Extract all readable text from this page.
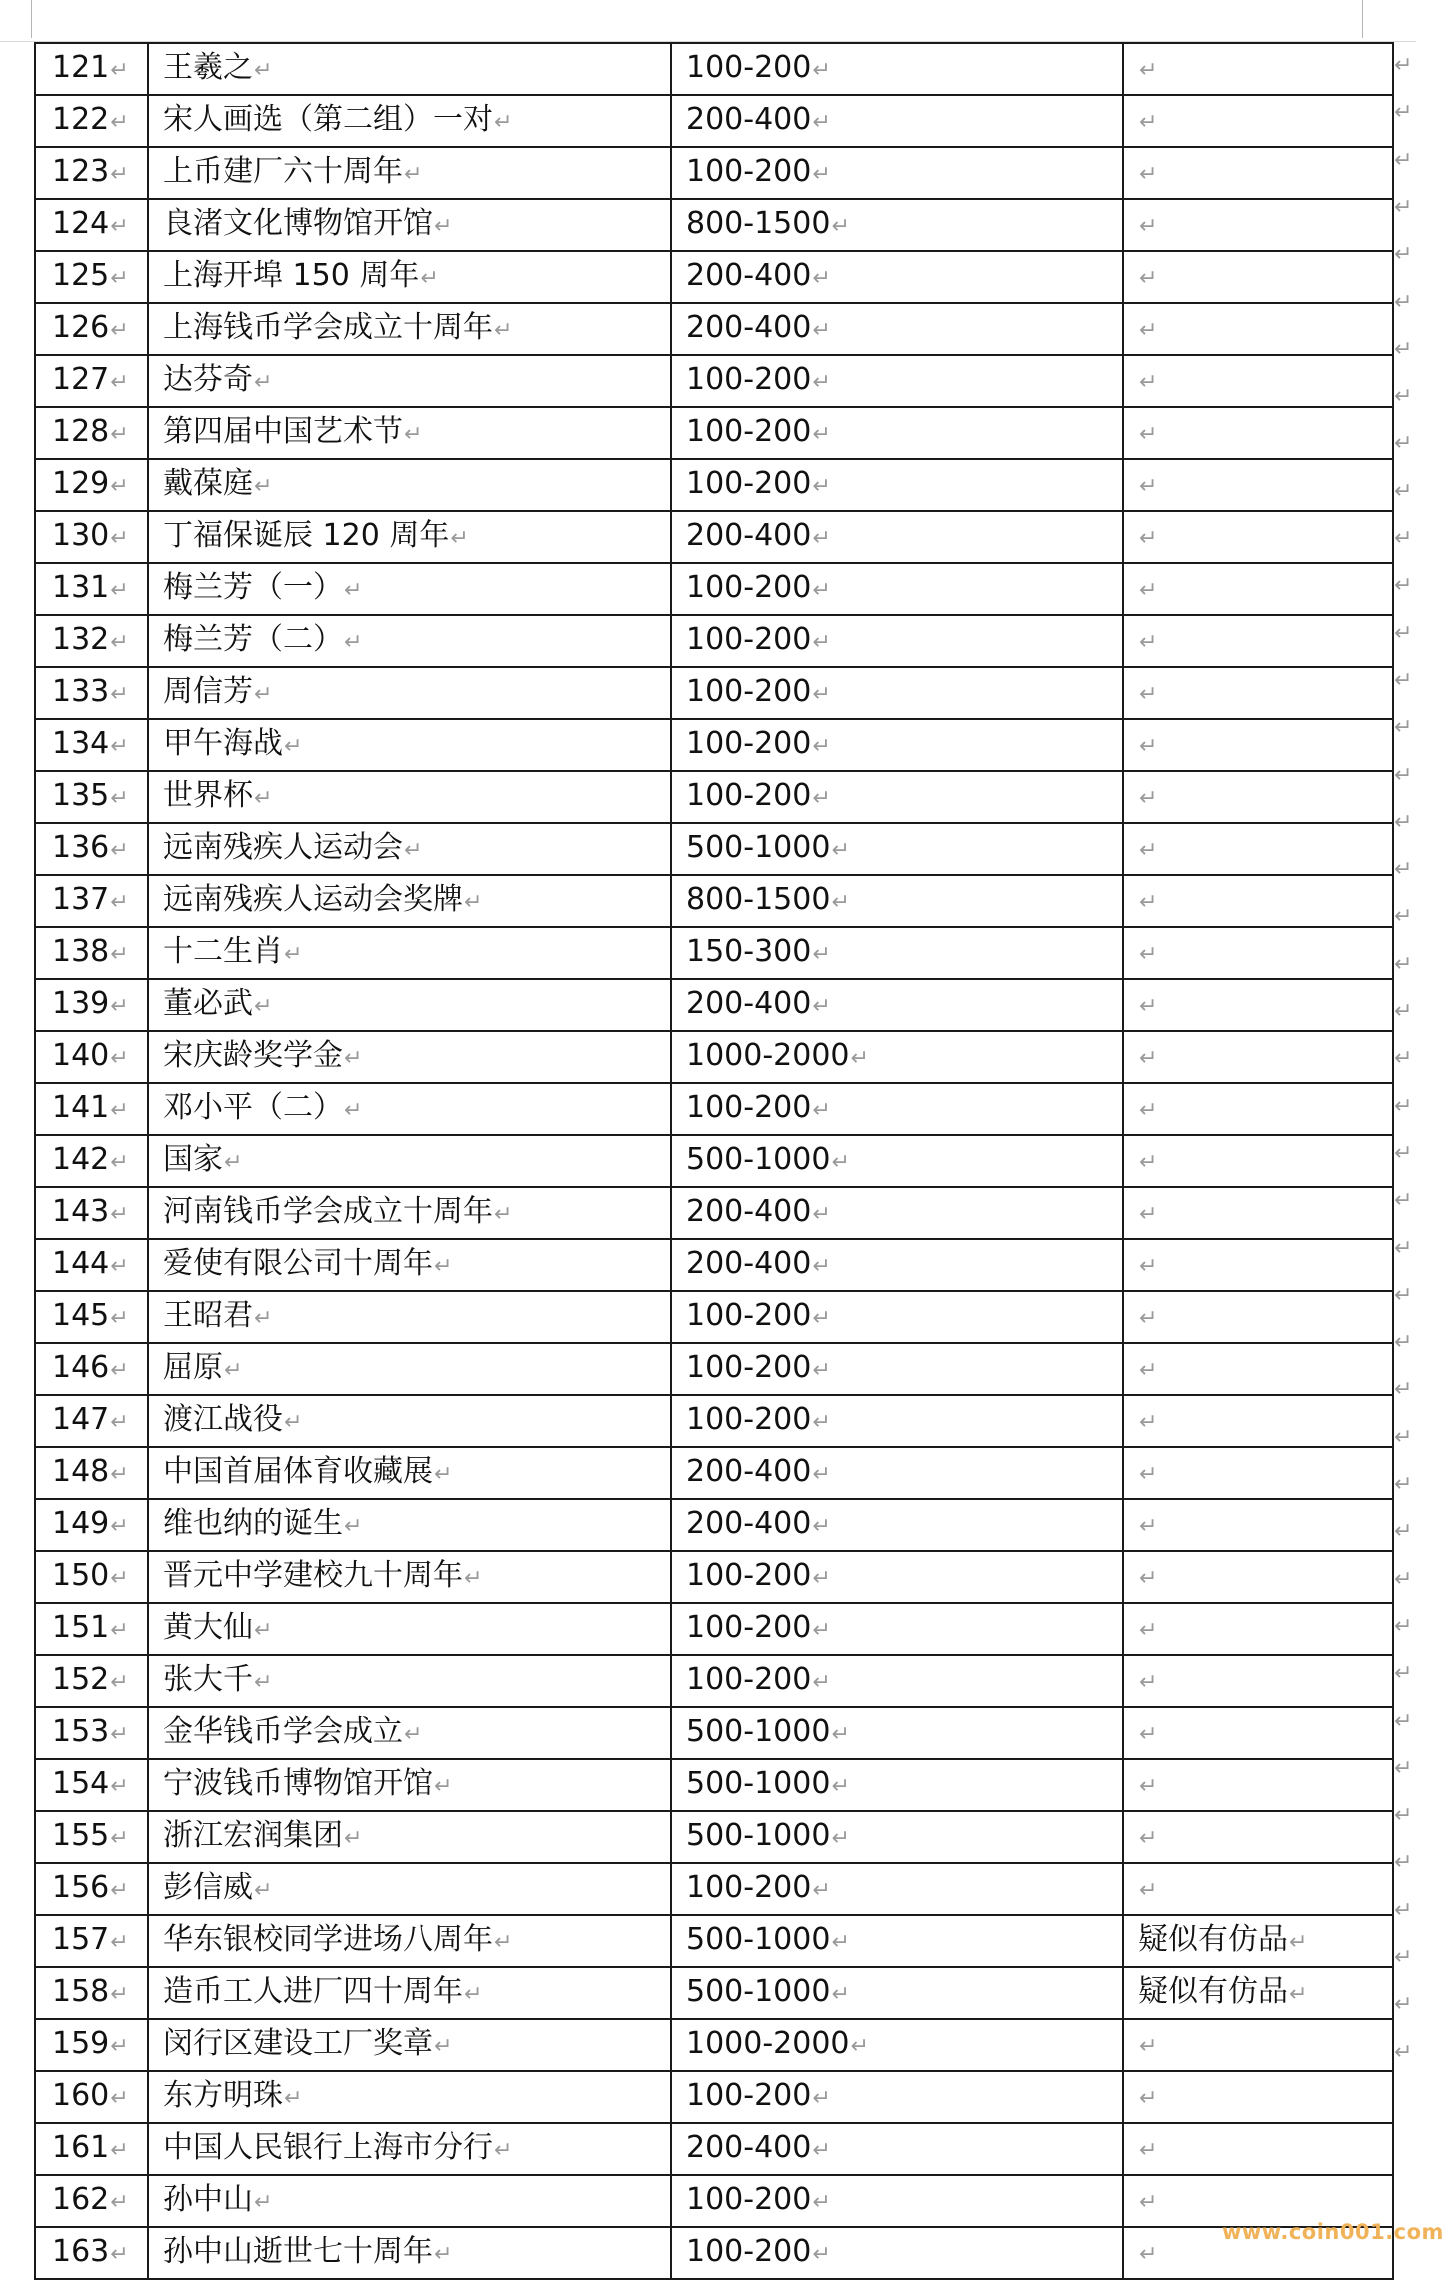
121↵	王羲之↵	100-200↵	↵
122↵	宋人画选（第二组）一对↵	200-400↵	↵
123↵	上币建厂六十周年↵	100-200↵	↵
124↵	良渚文化博物馆开馆↵	800-1500↵	↵
125↵	上海开埠 150 周年↵	200-400↵	↵
126↵	上海钱币学会成立十周年↵	200-400↵	↵
127↵	达芬奇↵	100-200↵	↵
128↵	第四届中国艺术节↵	100-200↵	↵
129↵	戴葆庭↵	100-200↵	↵
130↵	丁福保诞辰 120 周年↵	200-400↵	↵
131↵	梅兰芳（一）↵	100-200↵	↵
132↵	梅兰芳（二）↵	100-200↵	↵
133↵	周信芳↵	100-200↵	↵
134↵	甲午海战↵	100-200↵	↵
135↵	世界杯↵	100-200↵	↵
136↵	远南残疾人运动会↵	500-1000↵	↵
137↵	远南残疾人运动会奖牌↵	800-1500↵	↵
138↵	十二生肖↵	150-300↵	↵
139↵	董必武↵	200-400↵	↵
140↵	宋庆龄奖学金↵	1000-2000↵	↵
141↵	邓小平（二）↵	100-200↵	↵
142↵	国家↵	500-1000↵	↵
143↵	河南钱币学会成立十周年↵	200-400↵	↵
144↵	爱使有限公司十周年↵	200-400↵	↵
145↵	王昭君↵	100-200↵	↵
146↵	屈原↵	100-200↵	↵
147↵	渡江战役↵	100-200↵	↵
148↵	中国首届体育收藏展↵	200-400↵	↵
149↵	维也纳的诞生↵	200-400↵	↵
150↵	晋元中学建校九十周年↵	100-200↵	↵
151↵	黄大仙↵	100-200↵	↵
152↵	张大千↵	100-200↵	↵
153↵	金华钱币学会成立↵	500-1000↵	↵
154↵	宁波钱币博物馆开馆↵	500-1000↵	↵
155↵	浙江宏润集团↵	500-1000↵	↵
156↵	彭信威↵	100-200↵	↵
157↵	华东银校同学进场八周年↵	500-1000↵	疑似有仿品↵
158↵	造币工人进厂四十周年↵	500-1000↵	疑似有仿品↵
159↵	闵行区建设工厂奖章↵	1000-2000↵	↵
160↵	东方明珠↵	100-200↵	↵
161↵	中国人民银行上海市分行↵	200-400↵	↵
162↵	孙中山↵	100-200↵	↵
163↵	孙中山逝世七十周年↵	100-200↵	↵
↵
↵
↵
↵
↵
↵
↵
↵
↵
↵
↵
↵
↵
↵
↵
↵
↵
↵
↵
↵
↵
↵
↵
↵
↵
↵
↵
↵
↵
↵
↵
↵
↵
↵
↵
↵
↵
↵
↵
↵
↵
↵
↵
www.coin001.com
